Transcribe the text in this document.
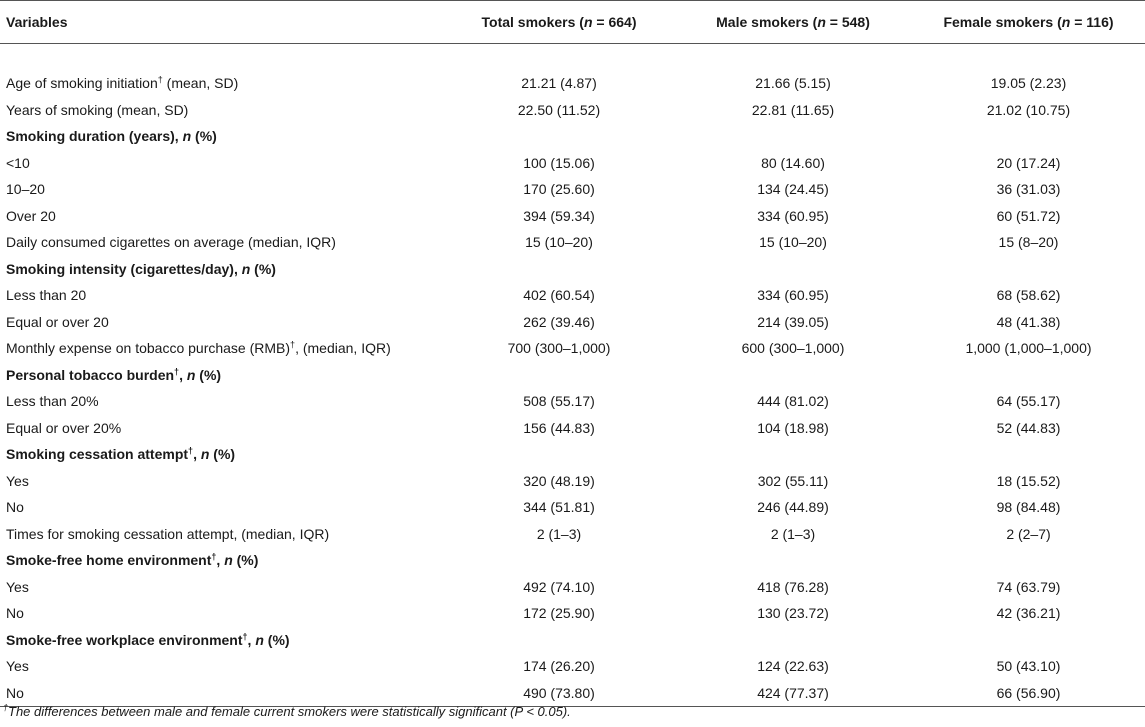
Variables	Total smokers (n = 664)	Male smokers (n = 548)	Female smokers (n = 116)

Age of smoking initiation† (mean, SD)	21.21 (4.87)	21.66 (5.15)	19.05 (2.23)
Years of smoking (mean, SD)	22.50 (11.52)	22.81 (11.65)	21.02 (10.75)
Smoking duration (years), n (%)			
<10	100 (15.06)	80 (14.60)	20 (17.24)
10–20	170 (25.60)	134 (24.45)	36 (31.03)
Over 20	394 (59.34)	334 (60.95)	60 (51.72)
Daily consumed cigarettes on average (median, IQR)	15 (10–20)	15 (10–20)	15 (8–20)
Smoking intensity (cigarettes/day), n (%)			
Less than 20	402 (60.54)	334 (60.95)	68 (58.62)
Equal or over 20	262 (39.46)	214 (39.05)	48 (41.38)
Monthly expense on tobacco purchase (RMB)†, (median, IQR)	700 (300–1,000)	600 (300–1,000)	1,000 (1,000–1,000)
Personal tobacco burden†, n (%)			
Less than 20%	508 (55.17)	444 (81.02)	64 (55.17)
Equal or over 20%	156 (44.83)	104 (18.98)	52 (44.83)
Smoking cessation attempt†, n (%)			
Yes	320 (48.19)	302 (55.11)	18 (15.52)
No	344 (51.81)	246 (44.89)	98 (84.48)
Times for smoking cessation attempt, (median, IQR)	2 (1–3)	2 (1–3)	2 (2–7)
Smoke-free home environment†, n (%)			
Yes	492 (74.10)	418 (76.28)	74 (63.79)
No	172 (25.90)	130 (23.72)	42 (36.21)
Smoke-free workplace environment†, n (%)			
Yes	174 (26.20)	124 (22.63)	50 (43.10)
No	490 (73.80)	424 (77.37)	66 (56.90)
†The differences between male and female current smokers were statistically significant (P < 0.05).
